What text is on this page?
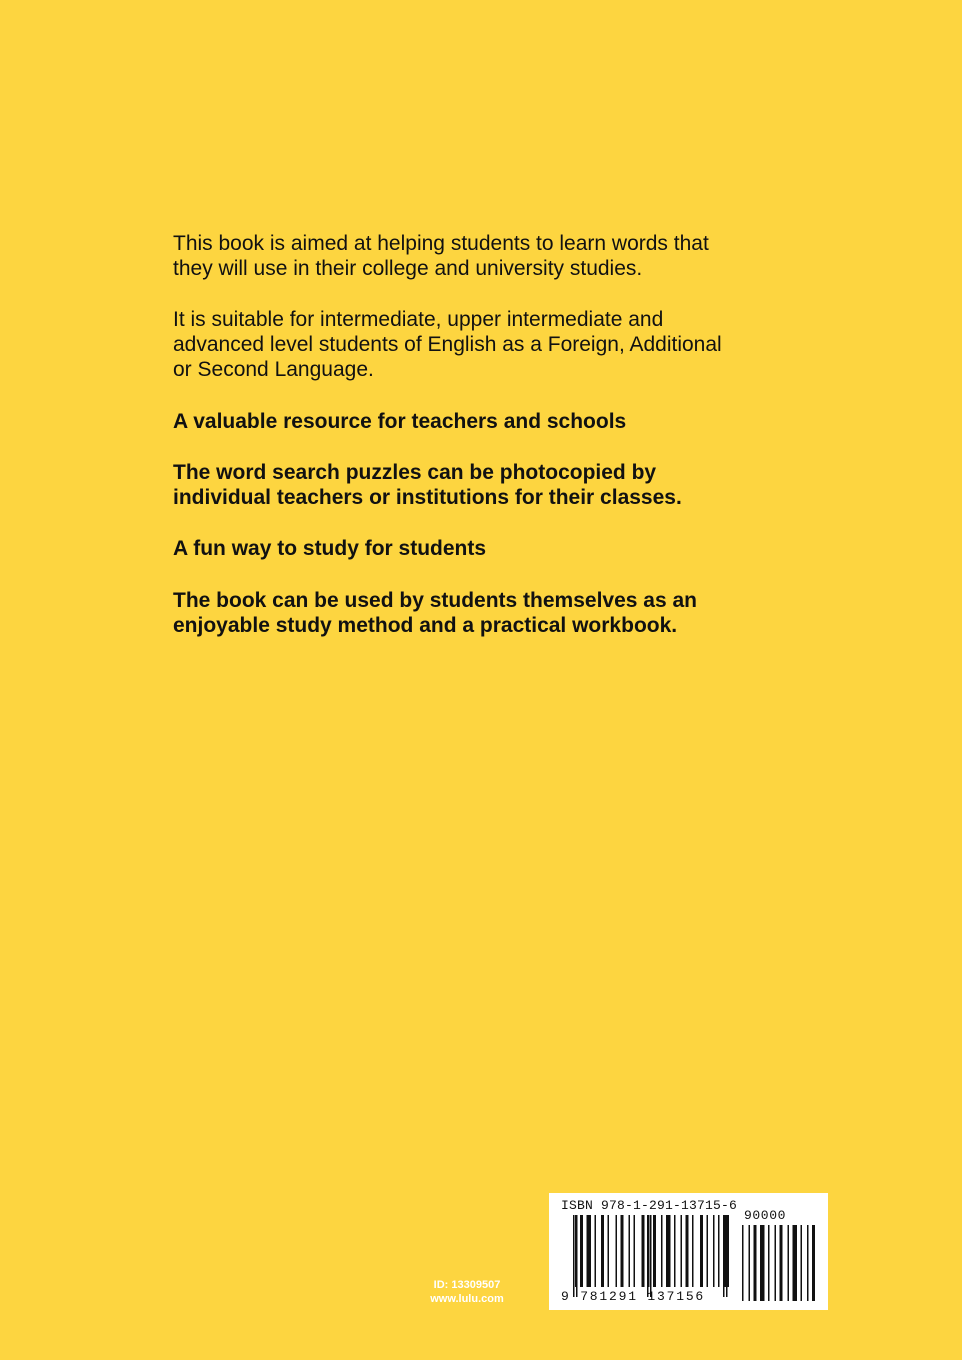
This book is aimed at helping students to learn words that
they will use in their college and university studies.

It is suitable for intermediate, upper intermediate and
advanced level students of English as a Foreign, Additional
or Second Language.

A valuable resource for teachers and schools

The word search puzzles can be photocopied by
individual teachers or institutions for their classes.

A fun way to study for students

The book can be used by students themselves as an
enjoyable study method and a practical workbook.

ID: 13309507
www.lulu.com
ISBN 978-1-291-13715-6
90000
9 781291 137156
